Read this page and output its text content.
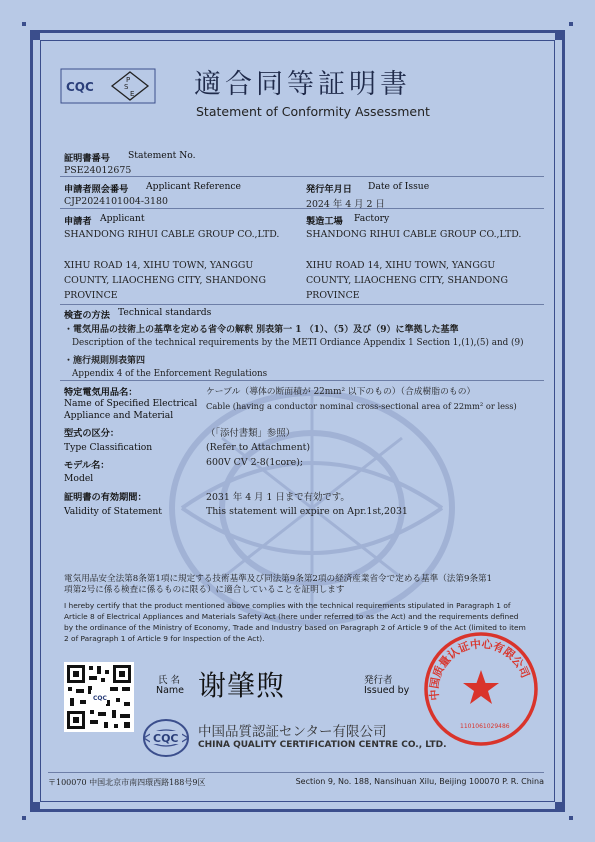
CQC	P
S
E 適合同等証明書
Statement of Conformity Assessment
証明書番号 Statement No.
PSE24012675
申請者照会番号 Applicant Reference
CJP2024101004-3180
発行年月日 Date of Issue
2024 年 4 月 2 日
申請者 Applicant
SHANDONG RIHUI CABLE GROUP CO.,LTD.
XIHU ROAD 14, XIHU TOWN, YANGGU
COUNTY, LIAOCHENG CITY, SHANDONG
PROVINCE
製造工場 Factory
SHANDONG RIHUI CABLE GROUP CO.,LTD.
XIHU ROAD 14, XIHU TOWN, YANGGU
COUNTY, LIAOCHENG CITY, SHANDONG
PROVINCE
検査の方法 Technical standards
・電気用品の技術上の基準を定める省令の解釈 別表第一 1 （1）、（5）及び（9）に準拠した基準
Description of the technical requirements by the METI Ordiance Appendix 1 Section 1,(1),(5) and (9)
・施行規則別表第四
Appendix 4 of the Enforcement Regulations
特定電気用品名：
Name of Specified Electrical
Appliance and Material
ケーブル（導体の断面積が 22mm² 以下のもの）（合成樹脂のもの）
Cable (having a conductor nominal cross-sectional area of 22mm² or less)
型式の区分：	（「添付書類」参照）
Type Classification	(Refer to Attachment)
モデル名：	600V CV 2-8(1core);
Model
証明書の有効期間：	2031 年 4 月 1 日まで有効です。
Validity of Statement	This statement will expire on Apr.1st,2031
電気用品安全法第8条第1項に規定する技術基準及び同法第9条第2項の経済産業省令で定める基準（法第9条第1
項第2号に係る検査に係るものに限る）に適合していることを証明します
I hereby certify that the product mentioned above complies with the technical requirements stipulated in Paragraph 1 of
Article 8 of Electrical Appliances and Materials Safety Act (here under referred to as the Act) and the requirements defined
by the ordinance of the Ministry of Economy, Trade and Industry based on Paragraph 2 of Article 9 of the Act (limited to item
2 of Paragraph 1 of Article 9 for Inspection of the Act).
CQC
氏 名
Name 谢肇煦	発行者
Issued by 中国质量认证中心有限公司
1101061029486
CQC 中国品質認証センター有限公司
CHINA QUALITY CERTIFICATION CENTRE CO., LTD.
〒100070 中国北京市南四環西路188号9区	Section 9, No. 188, Nansihuan Xilu, Beijing 100070 P. R. China
